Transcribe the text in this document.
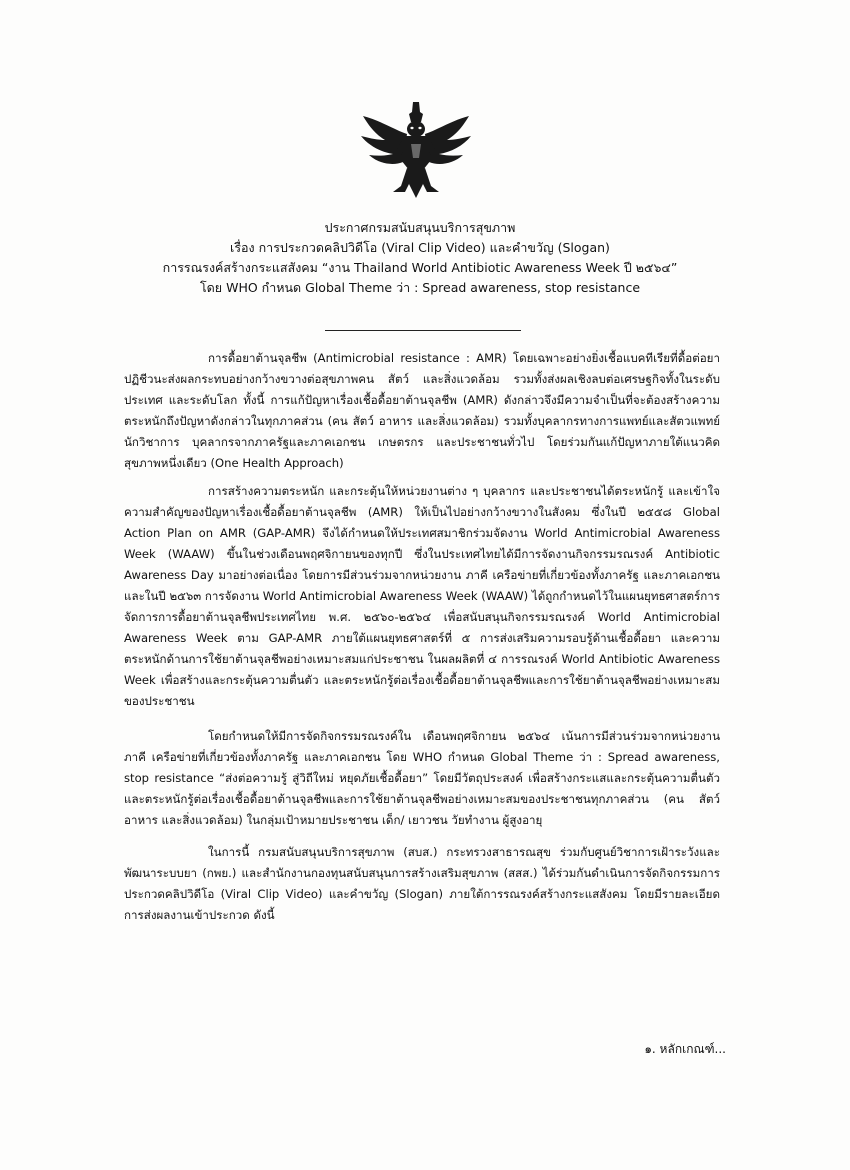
ประกาศกรมสนับสนุนบริการสุขภาพ
เรื่อง การประกวดคลิปวิดีโอ (Viral Clip Video) และคำขวัญ (Slogan)
การรณรงค์สร้างกระแสสังคม “งาน Thailand World Antibiotic Awareness Week ปี ๒๕๖๔”
โดย WHO กำหนด Global Theme ว่า : Spread awareness, stop resistance

การดื้อยาต้านจุลชีพ (Antimicrobial resistance : AMR) โดยเฉพาะอย่างยิ่งเชื้อแบคทีเรียที่ดื้อต่อยาปฏิชีวนะส่งผลกระทบอย่างกว้างขวางต่อสุขภาพคน สัตว์ และสิ่งแวดล้อม รวมทั้งส่งผลเชิงลบต่อเศรษฐกิจทั้งในระดับประเทศ และระดับโลก ทั้งนี้ การแก้ปัญหาเรื่องเชื้อดื้อยาต้านจุลชีพ (AMR) ดังกล่าวจึงมีความจำเป็นที่จะต้องสร้างความตระหนักถึงปัญหาดังกล่าวในทุกภาคส่วน (คน สัตว์ อาหาร และสิ่งแวดล้อม) รวมทั้งบุคลากรทางการแพทย์และสัตวแพทย์ นักวิชาการ บุคลากรจากภาครัฐและภาคเอกชน เกษตรกร และประชาชนทั่วไป โดยร่วมกันแก้ปัญหาภายใต้แนวคิดสุขภาพหนึ่งเดียว (One Health Approach)

การสร้างความตระหนัก และกระตุ้นให้หน่วยงานต่าง ๆ บุคลากร และประชาชนได้ตระหนักรู้ และเข้าใจความสำคัญของปัญหาเรื่องเชื้อดื้อยาต้านจุลชีพ (AMR) ให้เป็นไปอย่างกว้างขวางในสังคม ซึ่งในปี ๒๕๕๘ Global Action Plan on AMR (GAP-AMR) จึงได้กำหนดให้ประเทศสมาชิกร่วมจัดงาน World Antimicrobial Awareness Week (WAAW) ขึ้นในช่วงเดือนพฤศจิกายนของทุกปี ซึ่งในประเทศไทยได้มีการจัดงานกิจกรรมรณรงค์ Antibiotic Awareness Day มาอย่างต่อเนื่อง โดยการมีส่วนร่วมจากหน่วยงาน ภาคี เครือข่ายที่เกี่ยวข้องทั้งภาครัฐ และภาคเอกชน และในปี ๒๕๖๓ การจัดงาน World Antimicrobial Awareness Week (WAAW) ได้ถูกกำหนดไว้ในแผนยุทธศาสตร์การจัดการการดื้อยาต้านจุลชีพประเทศไทย พ.ศ. ๒๕๖๐-๒๕๖๔ เพื่อสนับสนุนกิจกรรมรณรงค์ World Antimicrobial Awareness Week ตาม GAP-AMR ภายใต้แผนยุทธศาสตร์ที่ ๕ การส่งเสริมความรอบรู้ด้านเชื้อดื้อยา และความตระหนักด้านการใช้ยาต้านจุลชีพอย่างเหมาะสมแก่ประชาชน ในผลผลิตที่ ๔ การรณรงค์ World Antibiotic Awareness Week เพื่อสร้างและกระตุ้นความตื่นตัว และตระหนักรู้ต่อเรื่องเชื้อดื้อยาต้านจุลชีพและการใช้ยาต้านจุลชีพอย่างเหมาะสมของประชาชน

โดยกำหนดให้มีการจัดกิจกรรมรณรงค์ใน เดือนพฤศจิกายน ๒๕๖๔ เน้นการมีส่วนร่วมจากหน่วยงาน ภาคี เครือข่ายที่เกี่ยวข้องทั้งภาครัฐ และภาคเอกชน โดย WHO กำหนด Global Theme ว่า : Spread awareness, stop resistance “ส่งต่อความรู้ สู่วิถีใหม่ หยุดภัยเชื้อดื้อยา” โดยมีวัตถุประสงค์ เพื่อสร้างกระแสและกระตุ้นความตื่นตัว และตระหนักรู้ต่อเรื่องเชื้อดื้อยาต้านจุลชีพและการใช้ยาต้านจุลชีพอย่างเหมาะสมของประชาชนทุกภาคส่วน (คน สัตว์ อาหาร และสิ่งแวดล้อม) ในกลุ่มเป้าหมายประชาชน เด็ก/ เยาวชน วัยทำงาน ผู้สูงอายุ

ในการนี้ กรมสนับสนุนบริการสุขภาพ (สบส.) กระทรวงสาธารณสุข ร่วมกับศูนย์วิชาการเฝ้าระวังและพัฒนาระบบยา (กพย.) และสำนักงานกองทุนสนับสนุนการสร้างเสริมสุขภาพ (สสส.) ได้ร่วมกันดำเนินการจัดกิจกรรมการประกวดคลิปวิดีโอ (Viral Clip Video) และคำขวัญ (Slogan) ภายใต้การรณรงค์สร้างกระแสสังคม โดยมีรายละเอียดการส่งผลงานเข้าประกวด ดังนี้

๑. หลักเกณฑ์...
